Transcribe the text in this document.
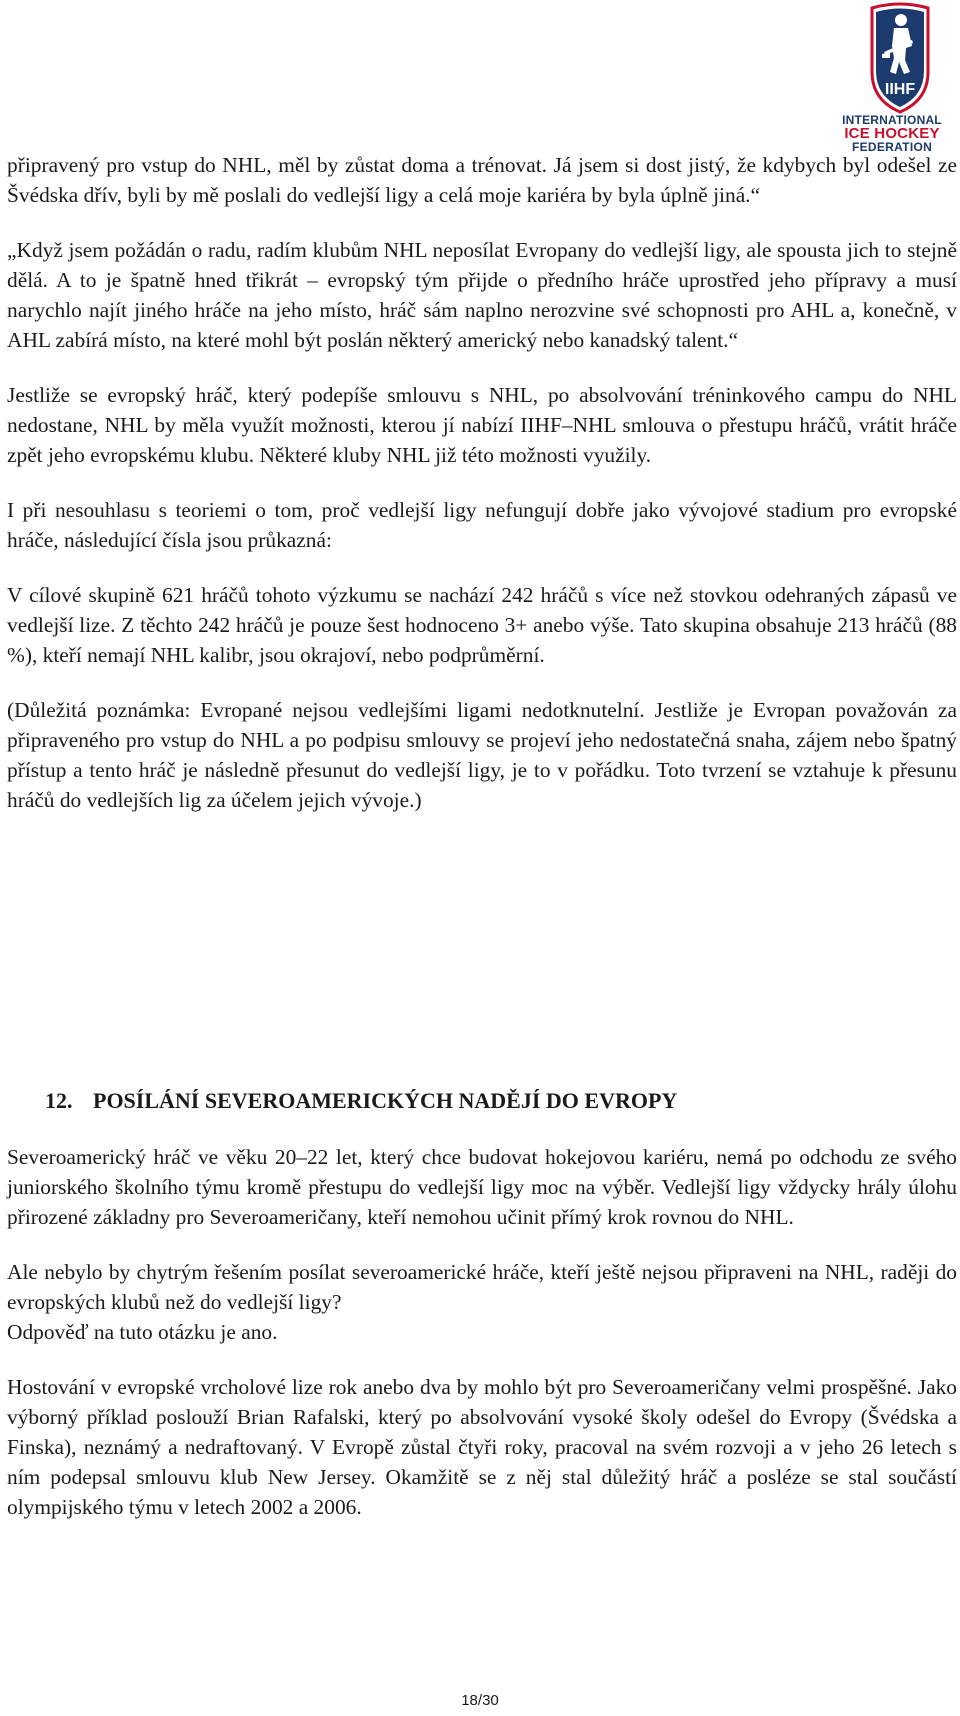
IIHF
INTERNATIONAL
ICE HOCKEY
FEDERATION

připravený pro vstup do NHL, měl by zůstat doma a trénovat. Já jsem si dost jistý, že kdybych byl odešel ze Švédska dřív, byli by mě poslali do vedlejší ligy a celá moje kariéra by byla úplně jiná.“

„Když jsem požádán o radu, radím klubům NHL neposílat Evropany do vedlejší ligy, ale spousta jich to stejně dělá. A to je špatně hned třikrát – evropský tým přijde o předního hráče uprostřed jeho přípravy a musí narychlo najít jiného hráče na jeho místo, hráč sám naplno nerozvine své schopnosti pro AHL a, konečně, v AHL zabírá místo, na které mohl být poslán některý americký nebo kanadský talent.“

Jestliže se evropský hráč, který podepíše smlouvu s NHL, po absolvování tréninkového campu do NHL nedostane, NHL by měla využít možnosti, kterou jí nabízí IIHF–NHL smlouva o přestupu hráčů, vrátit hráče zpět jeho evropskému klubu. Některé kluby NHL již této možnosti využily.

I při nesouhlasu s teoriemi o tom, proč vedlejší ligy nefungují dobře jako vývojové stadium pro evropské hráče, následující čísla jsou průkazná:

V cílové skupině 621 hráčů tohoto výzkumu se nachází 242 hráčů s více než stovkou odehraných zápasů ve vedlejší lize. Z těchto 242 hráčů je pouze šest hodnoceno 3+ anebo výše. Tato skupina obsahuje 213 hráčů (88 %), kteří nemají NHL kalibr, jsou okrajoví, nebo podprůměrní.

(Důležitá poznámka: Evropané nejsou vedlejšími ligami nedotknutelní. Jestliže je Evropan považován za připraveného pro vstup do NHL a po podpisu smlouvy se projeví jeho nedostatečná snaha, zájem nebo špatný přístup a tento hráč je následně přesunut do vedlejší ligy, je to v pořádku. Toto tvrzení se vztahuje k přesunu hráčů do vedlejších lig za účelem jejich vývoje.)

12. POSÍLÁNÍ SEVEROAMERICKÝCH NADĚJÍ DO EVROPY

Severoamerický hráč ve věku 20–22 let, který chce budovat hokejovou kariéru, nemá po odchodu ze svého juniorského školního týmu kromě přestupu do vedlejší ligy moc na výběr. Vedlejší ligy vždycky hrály úlohu přirozené základny pro Severoameričany, kteří nemohou učinit přímý krok rovnou do NHL.

Ale nebylo by chytrým řešením posílat severoamerické hráče, kteří ještě nejsou připraveni na NHL, raději do evropských klubů než do vedlejší ligy?

Odpověď na tuto otázku je ano.

Hostování v evropské vrcholové lize rok anebo dva by mohlo být pro Severoameričany velmi prospěšné. Jako výborný příklad poslouží Brian Rafalski, který po absolvování vysoké školy odešel do Evropy (Švédska a Finska), neznámý a nedraftovaný. V Evropě zůstal čtyři roky, pracoval na svém rozvoji a v jeho 26 letech s ním podepsal smlouvu klub New Jersey. Okamžitě se z něj stal důležitý hráč a posléze se stal součástí olympijského týmu v letech 2002 a 2006.

18/30
